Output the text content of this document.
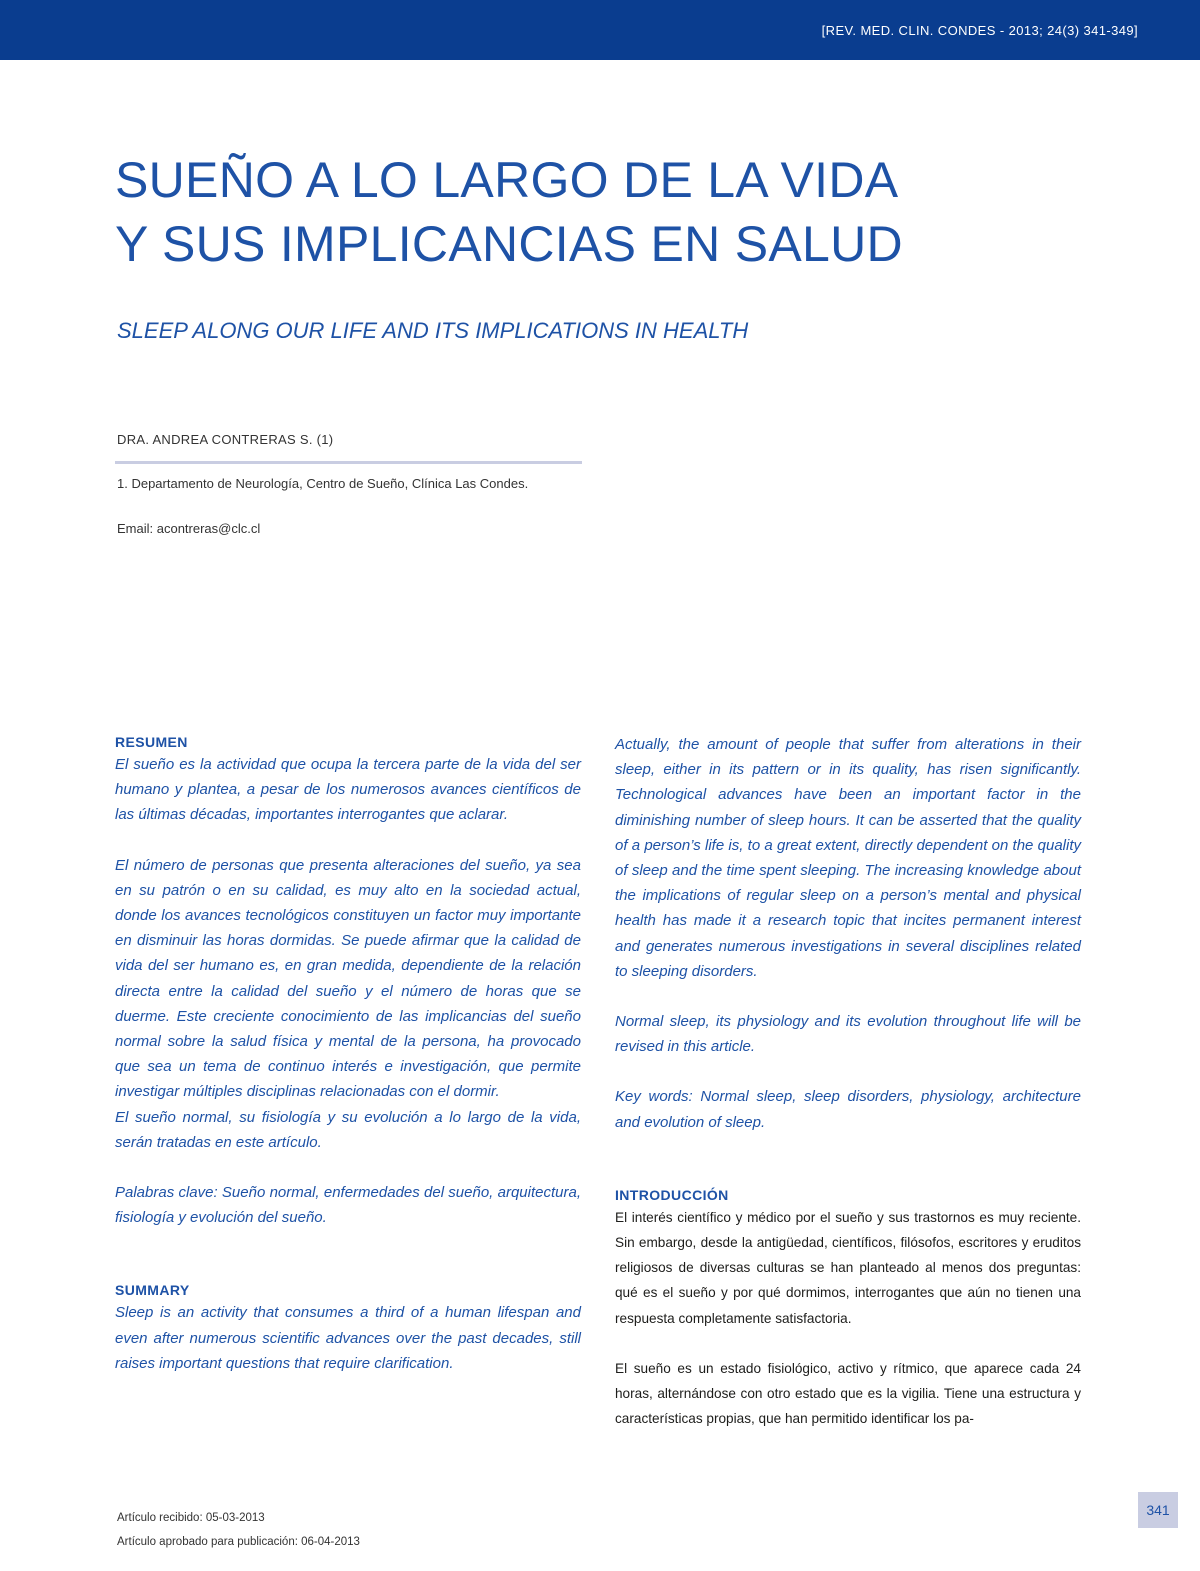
[REV. MED. CLIN. CONDES - 2013; 24(3) 341-349]
SUEÑO A LO LARGO DE LA VIDA
Y SUS IMPLICANCIAS EN SALUD
SLEEP ALONG OUR LIFE AND ITS IMPLICATIONS IN HEALTH
DRA. ANDREA CONTRERAS S. (1)
1. Departamento de Neurología, Centro de Sueño, Clínica Las Condes.
Email: acontreras@clc.cl
RESUMEN

El sueño es la actividad que ocupa la tercera parte de la vida del ser humano y plantea, a pesar de los numerosos avances científicos de las últimas décadas, importantes interrogantes que aclarar.

El número de personas que presenta alteraciones del sueño, ya sea en su patrón o en su calidad, es muy alto en la sociedad actual, donde los avances tecnológicos constituyen un factor muy importante en disminuir las horas dormidas. Se puede afirmar que la calidad de vida del ser humano es, en gran medida, dependiente de la relación directa entre la calidad del sueño y el número de horas que se duerme. Este creciente conocimiento de las implicancias del sueño normal sobre la salud física y mental de la persona, ha provocado que sea un tema de continuo interés e investigación, que permite investigar múltiples disciplinas relacionadas con el dormir.

El sueño normal, su fisiología y su evolución a lo largo de la vida, serán tratadas en este artículo.

Palabras clave: Sueño normal, enfermedades del sueño, arquitectura, fisiología y evolución del sueño.

SUMMARY

Sleep is an activity that consumes a third of a human lifespan and even after numerous scientific advances over the past decades, still raises important questions that require clarification.

Actually, the amount of people that suffer from alterations in their sleep, either in its pattern or in its quality, has risen significantly. Technological advances have been an important factor in the diminishing number of sleep hours. It can be asserted that the quality of a person’s life is, to a great extent, directly dependent on the quality of sleep and the time spent sleeping. The increasing knowledge about the implications of regular sleep on a person’s mental and physical health has made it a research topic that incites permanent interest and generates numerous investigations in several disciplines related to sleeping disorders.

Normal sleep, its physiology and its evolution throughout life will be revised in this article.

Key words: Normal sleep, sleep disorders, physiology, architecture and evolution of sleep.

INTRODUCCIÓN

El interés científico y médico por el sueño y sus trastornos es muy reciente. Sin embargo, desde la antigüedad, científicos, filósofos, escritores y eruditos religiosos de diversas culturas se han planteado al menos dos preguntas: qué es el sueño y por qué dormimos, interrogantes que aún no tienen una respuesta completamente satisfactoria.

El sueño es un estado fisiológico, activo y rítmico, que aparece cada 24 horas, alternándose con otro estado que es la vigilia. Tiene una estructura y características propias, que han permitido identificar los pa-

Artículo recibido: 05-03-2013
Artículo aprobado para publicación: 06-04-2013
341
